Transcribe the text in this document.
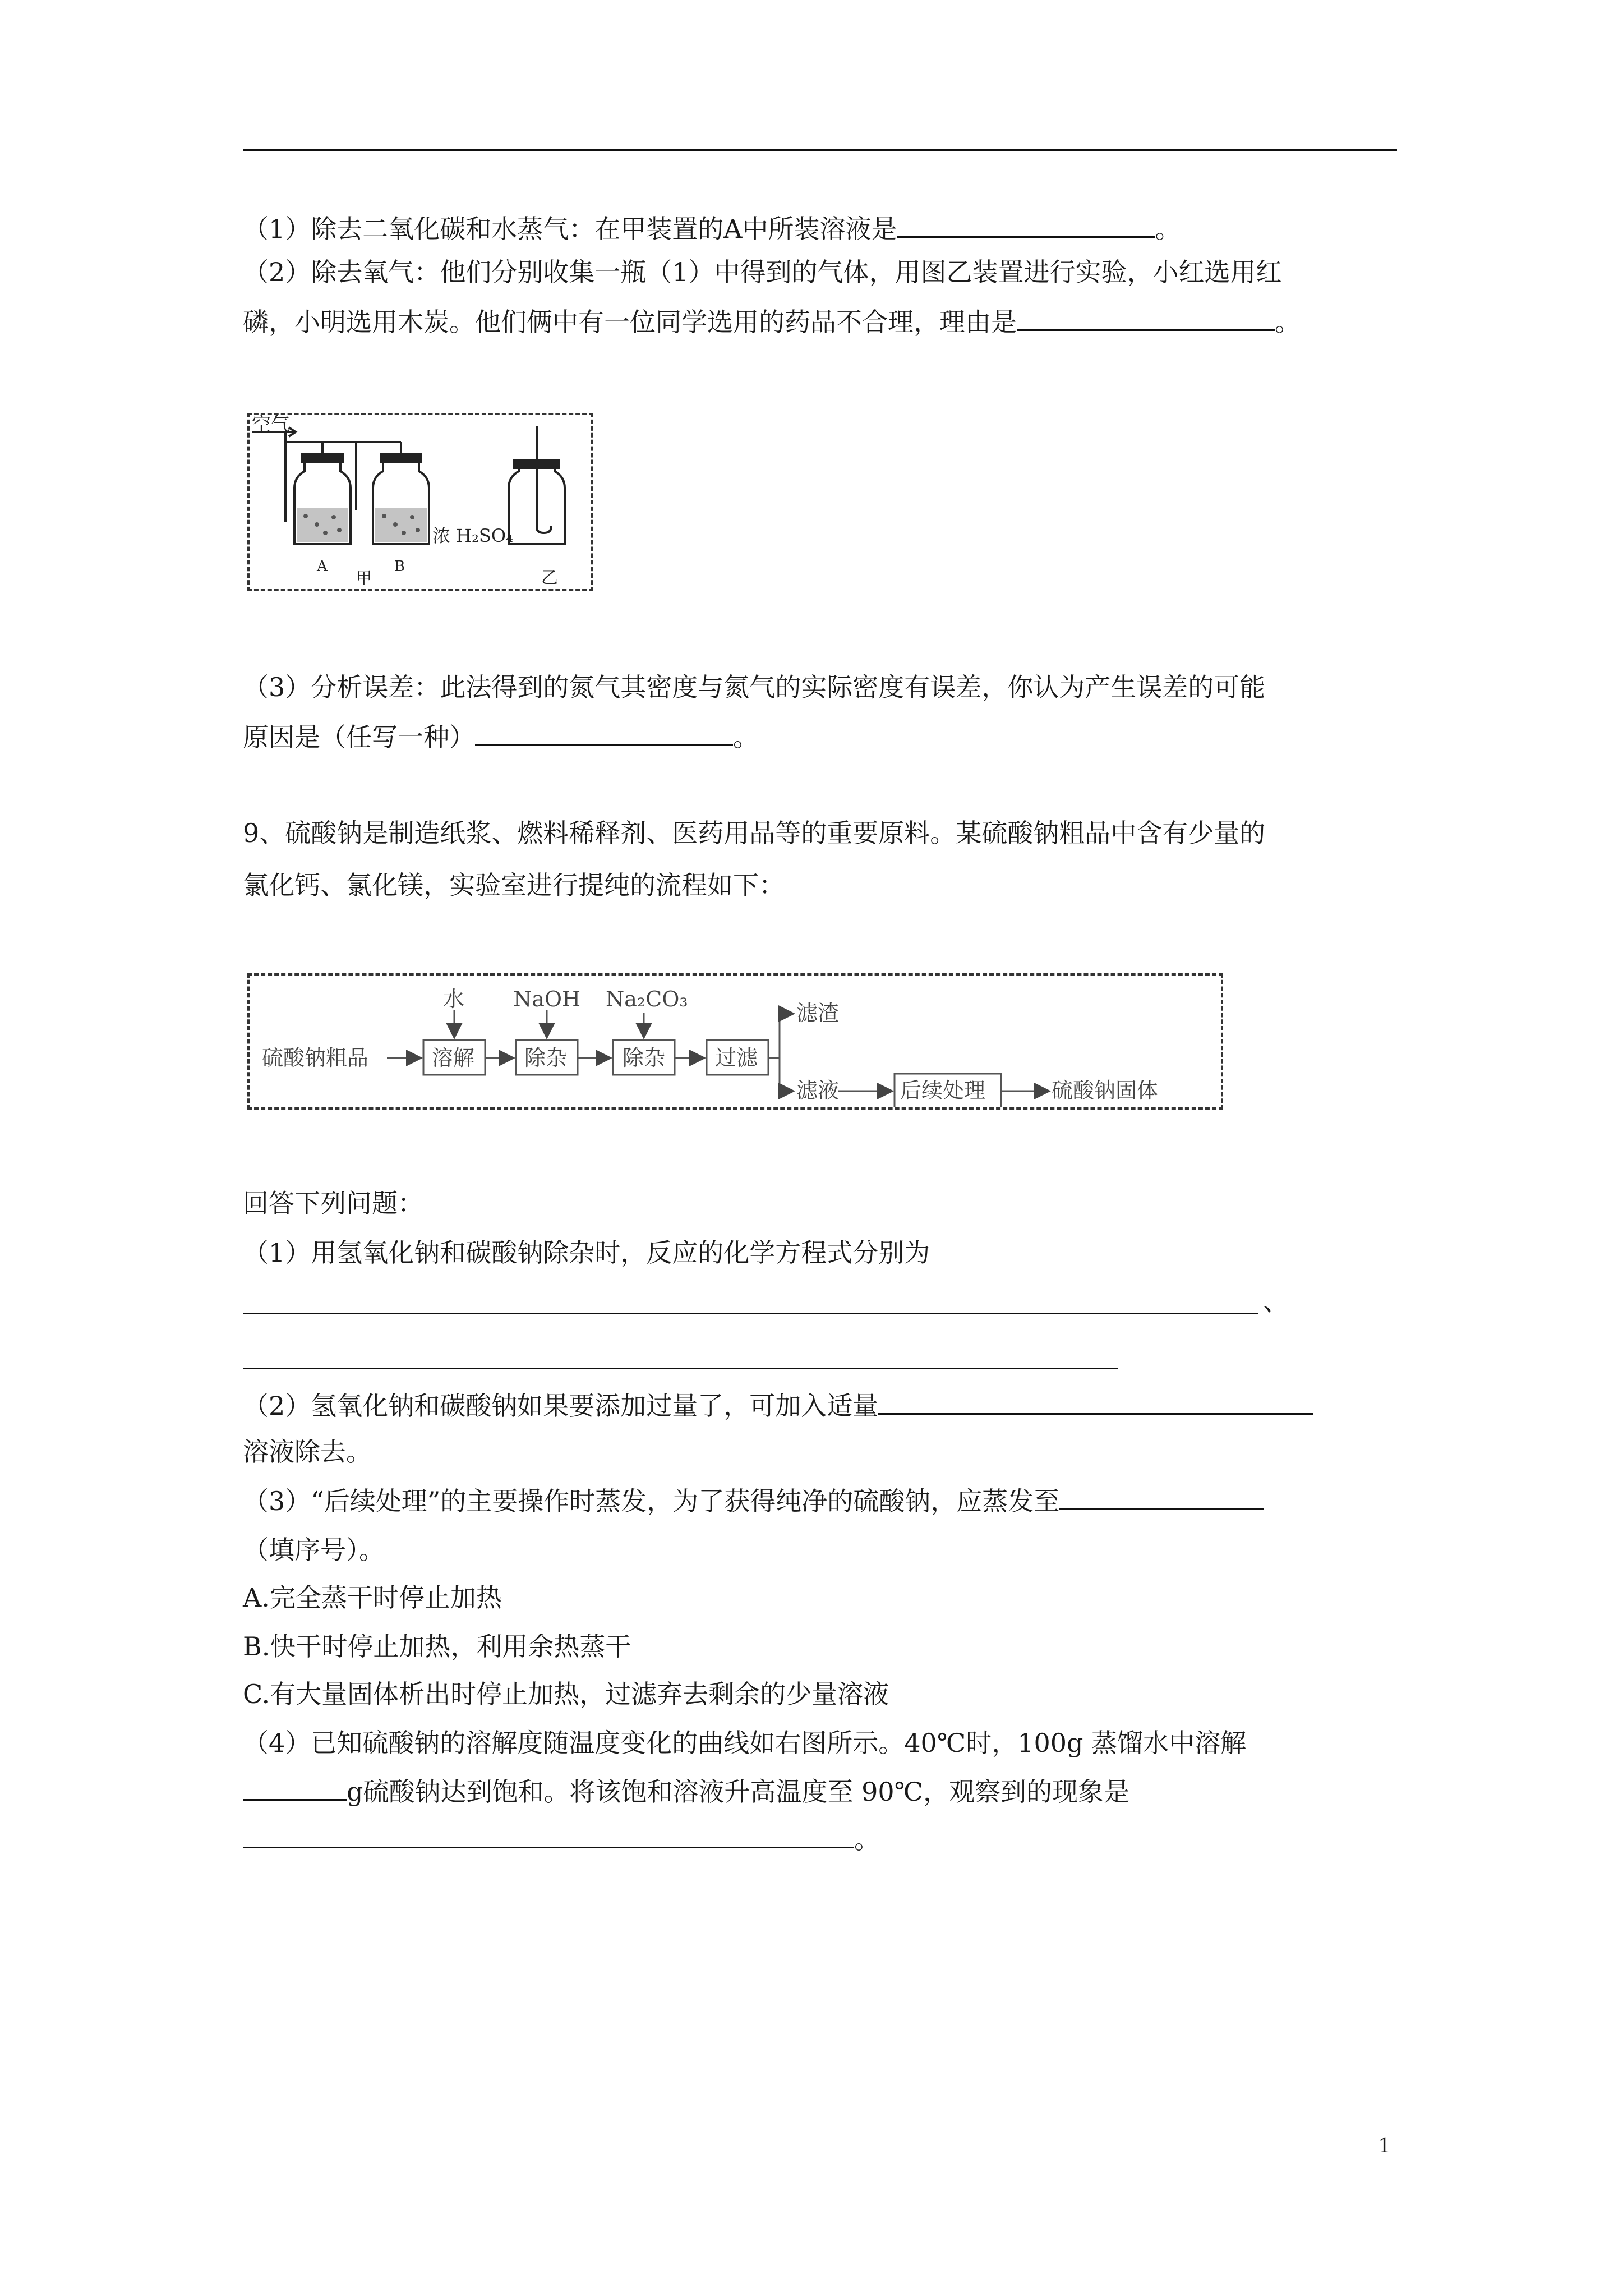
（1）除去二氧化碳和水蒸气：在甲装置的A中所装溶液是	。
（2）除去氧气：他们分别收集一瓶（1）中得到的气体，用图乙装置进行实验，小红选用红
磷，小明选用木炭。他们俩中有一位同学选用的药品不合理，理由是	。
空气
A	B
浓 H₂SO₄
甲	乙
（3）分析误差：此法得到的氮气其密度与氮气的实际密度有误差，你认为产生误差的可能
原因是（任写一种）	。
9、硫酸钠是制造纸浆、燃料稀释剂、医药用品等的重要原料。某硫酸钠粗品中含有少量的
氯化钙、氯化镁，实验室进行提纯的流程如下：
硫酸钠粗品
水 NaOH Na₂CO₃
溶解 除杂	除杂 过滤
滤渣
滤液	后续处理	硫酸钠固体
回答下列问题：
（1）用氢氧化钠和碳酸钠除杂时，反应的化学方程式分别为
、
（2）氢氧化钠和碳酸钠如果要添加过量了，可加入适量
溶液除去。
（3）“后续处理”的主要操作时蒸发，为了获得纯净的硫酸钠，应蒸发至
（填序号）。
A.完全蒸干时停止加热
B.快干时停止加热，利用余热蒸干
C.有大量固体析出时停止加热，过滤弃去剩余的少量溶液
（4）已知硫酸钠的溶解度随温度变化的曲线如右图所示。40℃时，100g 蒸馏水中溶解
g硫酸钠达到饱和。将该饱和溶液升高温度至 90℃，观察到的现象是
。
1
